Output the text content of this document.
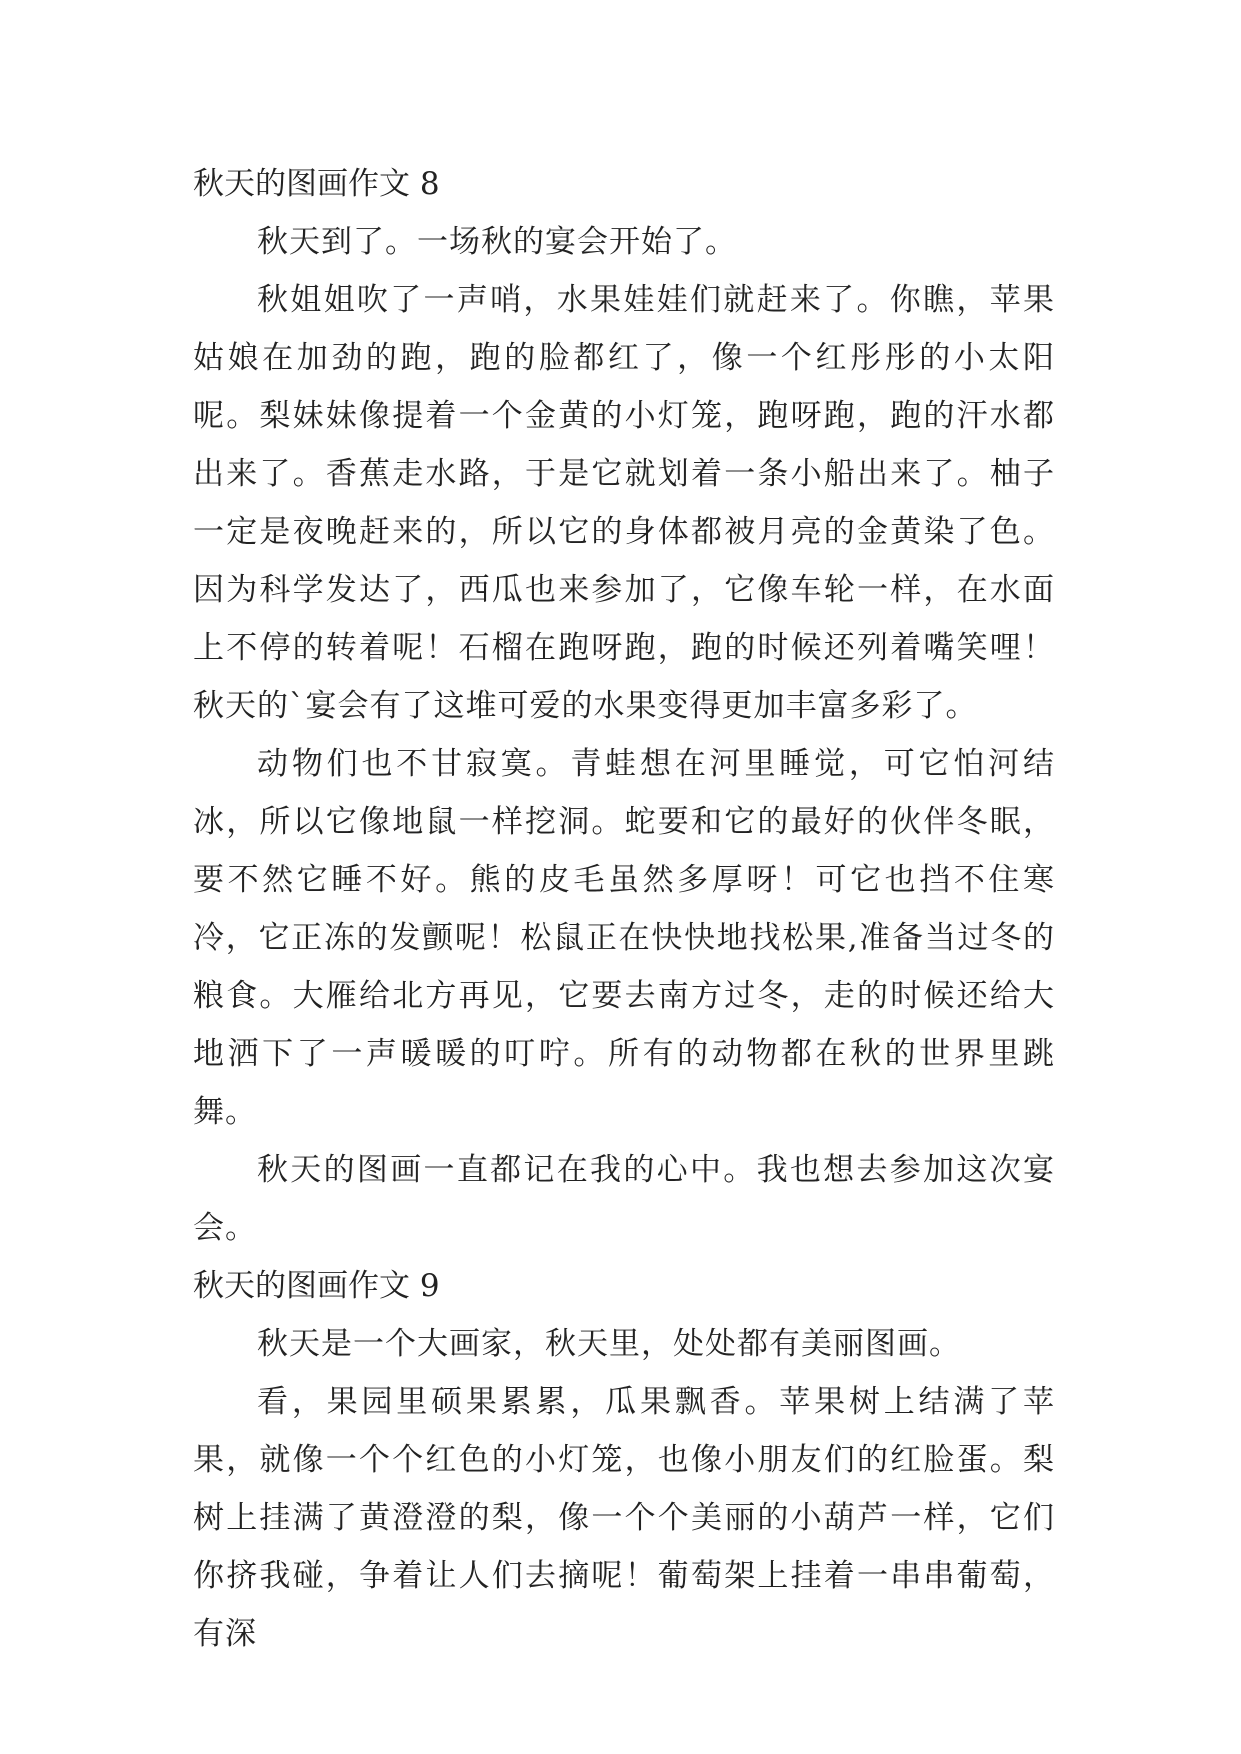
秋天的图画作文 8

秋天到了。一场秋的宴会开始了。

秋姐姐吹了一声哨，水果娃娃们就赶来了。你瞧，苹果姑娘在加劲的跑，跑的脸都红了，像一个红彤彤的小太阳呢。梨妹妹像提着一个金黄的小灯笼，跑呀跑，跑的汗水都出来了。香蕉走水路，于是它就划着一条小船出来了。柚子一定是夜晚赶来的，所以它的身体都被月亮的金黄染了色。因为科学发达了，西瓜也来参加了，它像车轮一样，在水面上不停的转着呢！石榴在跑呀跑，跑的时候还列着嘴笑哩！秋天的`宴会有了这堆可爱的水果变得更加丰富多彩了。

动物们也不甘寂寞。青蛙想在河里睡觉，可它怕河结冰，所以它像地鼠一样挖洞。蛇要和它的最好的伙伴冬眠，要不然它睡不好。熊的皮毛虽然多厚呀！可它也挡不住寒冷，它正冻的发颤呢！松鼠正在快快地找松果,准备当过冬的粮食。大雁给北方再见，它要去南方过冬，走的时候还给大地洒下了一声暖暖的叮咛。所有的动物都在秋的世界里跳舞。

秋天的图画一直都记在我的心中。我也想去参加这次宴会。

秋天的图画作文 9

秋天是一个大画家，秋天里，处处都有美丽图画。

看，果园里硕果累累，瓜果飘香。苹果树上结满了苹果，就像一个个红色的小灯笼，也像小朋友们的红脸蛋。梨树上挂满了黄澄澄的梨，像一个个美丽的小葫芦一样，它们你挤我碰，争着让人们去摘呢！葡萄架上挂着一串串葡萄，有深
